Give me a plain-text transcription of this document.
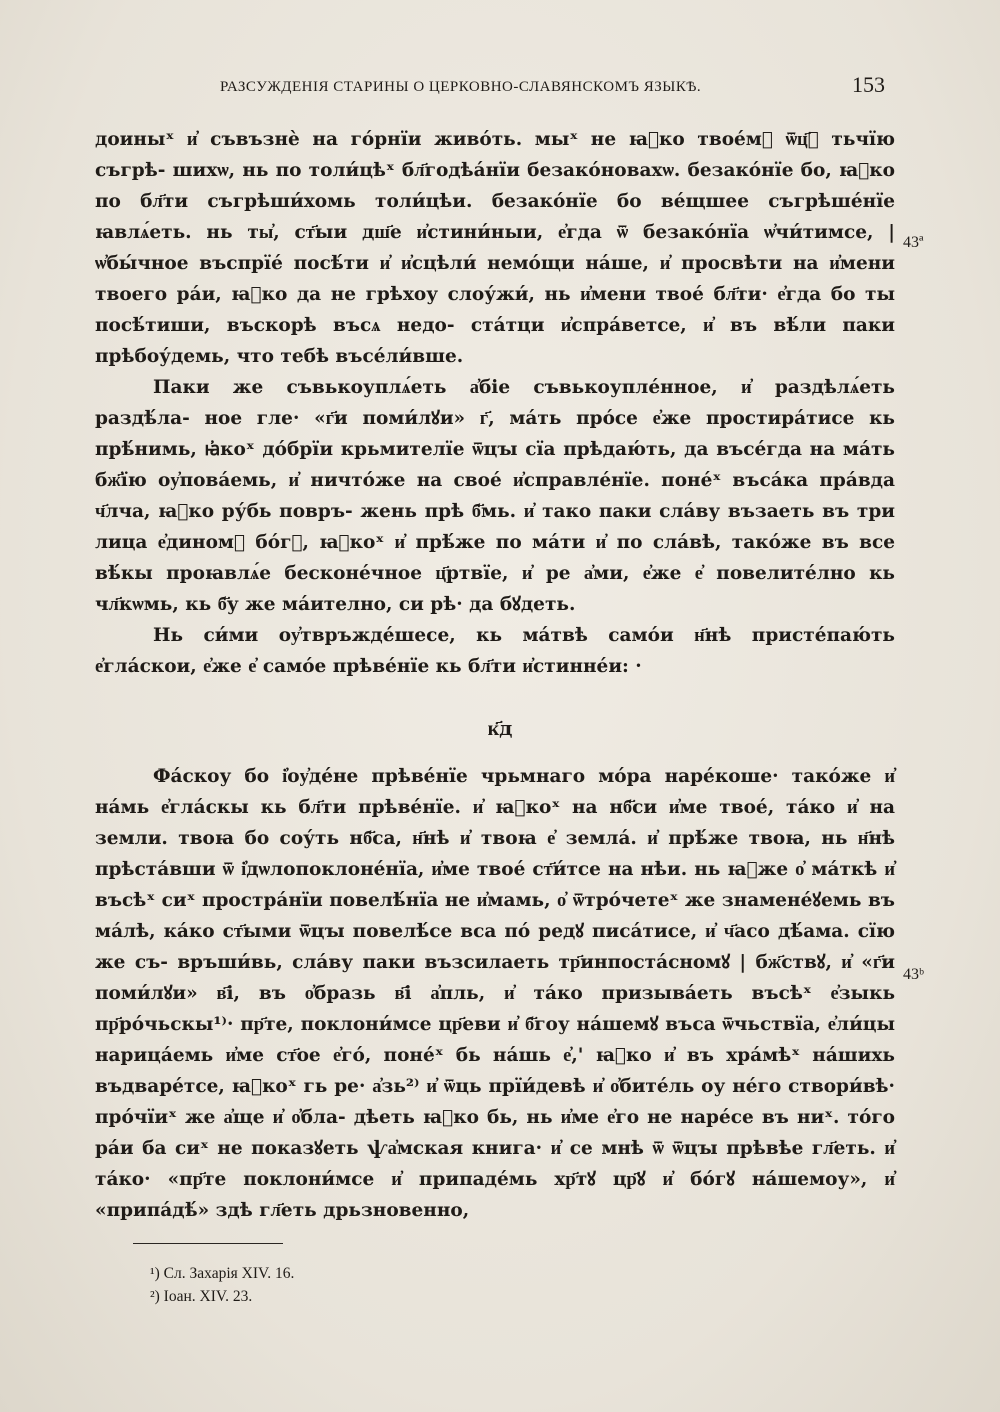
РАЗСУЖДЕНІЯ СТАРИНЫ О ЦЕРКОВНО-СЛАВЯНСКОМЪ ЯЗЫКѢ.	153

доиныˣ и҆ съвъзнѐ на го́рнїи живо́ть. мыˣ не ꙗ҆ко твое́мꙋ ѿц҃ꙋ тьчїю съгрѣ- шихѡ, нь по толи́цѣˣ бл҃годѣа́нїи безако́новахѡ. безако́нїе бо, ꙗ҆ко по бл҃ти съгрѣши́хомь толи́цѣи. безако́нїе бо ве́щшее съгрѣше́нїе ꙗвлѧ́еть. нь ты҆, ст҃ыи дш҃е и҆стини́ныи, е҆гда ѿ безако́нїа ѡ҆чи́тимсе, | ѡ҆бы́чное въспрїе́ посѣ́ти и҆ и҆сцѣли́ немо́щи на́ше, и҆ просвѣти на и҆мени твоего ра́и, ꙗ҆ко да не грѣхоу слоу́жи́, нь и҆мени твое́ бл҃ти· е҆гда бо ты посѣ́тиши, въскорѣ въсѧ недо- ста́тци и҆спра́ветсе, и҆ въ вѣ́ли паки прѣбоу́демь, что тебѣ въсе́ли́вше.

Паки же съвькоуплѧ́еть а҆біе съвькоупле́нное, и҆ раздѣлѧ́еть раздѣ́ла- ное гле· «г҃и поми́лꙋи» г҃, ма́ть про́се е҆же простира́тисе кь прѣ́нимь, ꙗ҆коˣ до́брїи крьмителїе ѿцꙑ сїа прѣдаю́ть, да въсе́гда на ма́ть бж҃їю оу҆пова́емь, и҆ ничто́же на свое́ и҆справле́нїе. поне́ˣ въса́ка пра́вда ч҃лча, ꙗ҆ко ру́бь повръ- жень прѣ б҃мь. и҆ тако паки сла́ву възаеть въ три лица е҆диномꙋ бо́гꙋ, ꙗ҆коˣ и҆ прѣ́же по ма́ти и҆ по сла́вѣ, тако́же въ все вѣ́кы проꙗвлѧ́е бесконе́чное ц҃ртвїе, и҆ ре а҆ми, е҆же е҆ повелите́лно кь чл҃кѡмь, кь б҃у же ма́ително, си рѣ· да бꙋдеть.

Нь си́ми оу҆твръжде́шесе, кь ма́твѣ само́и н҃нѣ присте́паю́ть е҆гла́скои, е҆же е҆ само́е прѣве́нїе кь бл҃ти и҆стинне́и: ·

43ª
к҃д

Фа́скоу бо і҆оу҆де́не прѣве́нїе чрьмнаго мо́ра наре́коше· тако́же и҆ на́мь е҆гла́скы кь бл҃ти прѣве́нїе. и҆ ꙗ҆коˣ на нб҃си и҆ме твое́, та́ко и҆ на земли. твоꙗ бо соу́ть нб҃са, н҃нѣ и҆ твоꙗ е҆ земла́. и҆ прѣ́же твоꙗ, нь н҃нѣ прѣста́вши ѿ і҆дѡлопоклоне́нїа, и҆ме твое́ ст҃и́тсе на нѣи. нь ꙗ҆же о҆ ма́ткѣ и҆ въсѣˣ сиˣ простра́нїи повелѣ́нїа не и҆мамь, о҆ ѿтро́четеˣ же знамене́ꙋемь въ ма́лѣ, ка́ко ст҃ыми ѿцꙑ повелѣ́се вса по́ редꙋ писа́тисе, и҆ ч҃асо дѣ́ама. сїю же съ- връши́вь, сла́ву паки възсилаеть тр҃инпоста́сномꙋ | бж҃ствꙋ, и҆ «г҃и поми́лꙋи» в҃і, въ о҆бразь в҃і а҆пль, и҆ та́ко призыва́еть въсѣˣ е҆зыкь пр҃ро́чьскы¹⁾· пр҃те, поклони́мсе цр҃еви и҆ б҃гоу на́шемꙋ въса ѿчьствїа, е҆ли́цы нарица́емь и҆ме ст҃ое е҆го́, поне́ˣ бь на́шь е҆,' ꙗ҆ко и҆ въ хра́мѣˣ на́шихь въдваре́тсе, ꙗ҆коˣ гь ре· а҆зь²⁾ и҆ ѿць прїи́девѣ и҆ о҆бите́ль оу не́го створи́вѣ· про́чїиˣ же а҆ще и҆ о҆бла- дѣеть ꙗ҆ко бь, нь и҆ме е҆го не наре́се въ ниˣ. то́го ра́и ба сиˣ не показꙋеть ѱа҆мская книга· и҆ се мнѣ ѿ ѿцꙑ прѣвѣе гл҃еть. и҆ та́ко· «пр҃те поклони́мсе и҆ припаде́мь хр҃тꙋ цр҃ꙋ и҆ бо́гꙋ на́шемоу», и҆ «припа́дѣ́» здѣ гл҃еть дрьзновенно,

43ᵇ
¹) Сл. Захарія XIV. 16.
²) Іоан. XIV. 23.
